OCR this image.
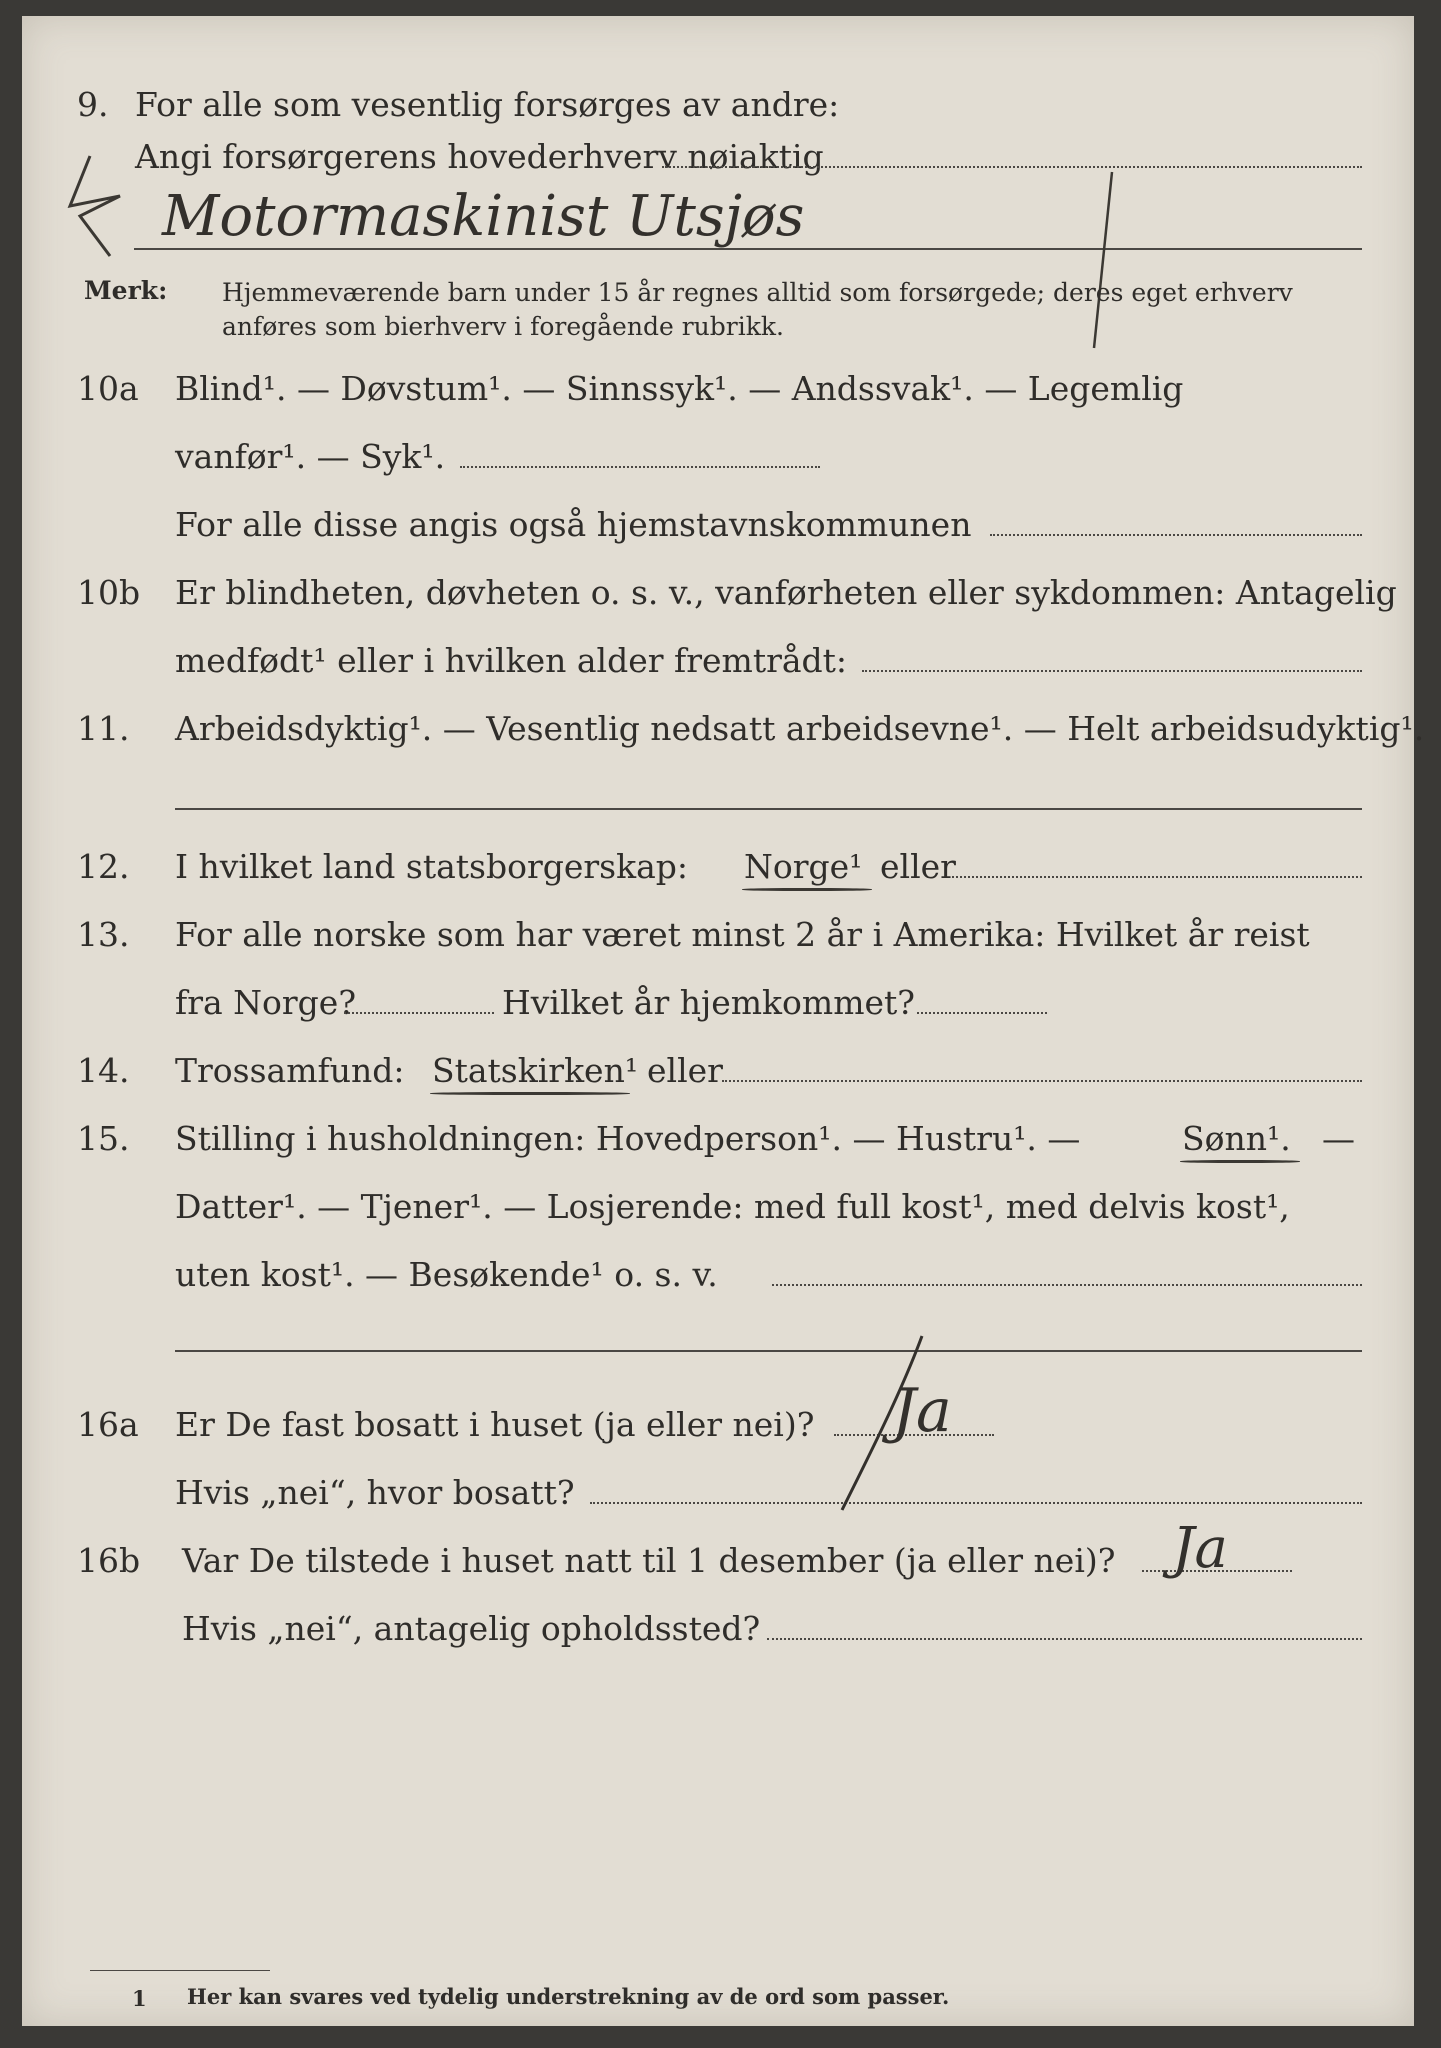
9. For alle som vesentlig forsørges av andre:
Angi forsørgerens hovederhverv nøiaktig
Motormaskinist Utsjøs
Merk: Hjemmeværende barn under 15 år regnes alltid som forsørgede; deres eget erhverv
anføres som bierhverv i foregående rubrikk.
10a Blind¹. — Døvstum¹. — Sinnssyk¹. — Andssvak¹. — Legemlig
vanfør¹. — Syk¹.
For alle disse angis også hjemstavnskommunen
10b Er blindheten, døvheten o. s. v., vanførheten eller sykdommen: Antagelig
medfødt¹ eller i hvilken alder fremtrådt:
11. Arbeidsdyktig¹. — Vesentlig nedsatt arbeidsevne¹. — Helt arbeidsudyktig¹.
12. I hvilket land statsborgerskap: Norge¹ eller
13. For alle norske som har været minst 2 år i Amerika: Hvilket år reist
fra Norge?	Hvilket år hjemkommet?
14. Trossamfund: Statskirken¹ eller
15. Stilling i husholdningen: Hovedperson¹. — Hustru¹. —	Sønn¹. —
Datter¹. — Tjener¹. — Losjerende: med full kost¹, med delvis kost¹,
uten kost¹. — Besøkende¹ o. s. v.
16a Er De fast bosatt i huset (ja eller nei)? Ja
Hvis „nei“, hvor bosatt?
16b Var De tilstede i huset natt til 1 desember (ja eller nei)? Ja
Hvis „nei“, antagelig opholdssted?
1 Her kan svares ved tydelig understrekning av de ord som passer.
